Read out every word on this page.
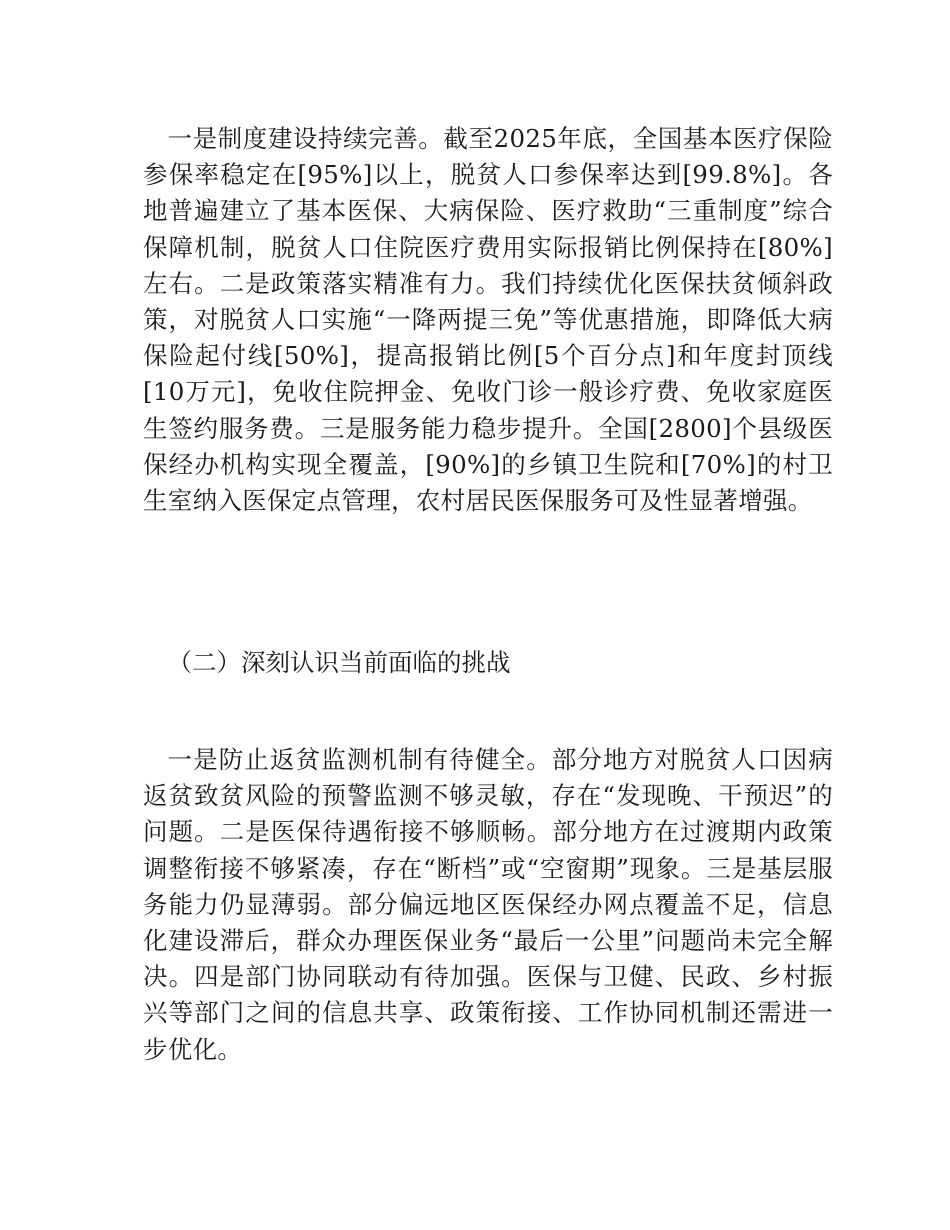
一是制度建设持续完善。截至2025年底，全国基本医疗保险参保率稳定在[95%]以上，脱贫人口参保率达到[99.8%]。各地普遍建立了基本医保、大病保险、医疗救助“三重制度”综合保障机制，脱贫人口住院医疗费用实际报销比例保持在[80%]左右。二是政策落实精准有力。我们持续优化医保扶贫倾斜政策，对脱贫人口实施“一降两提三免”等优惠措施，即降低大病保险起付线[50%]，提高报销比例[5个百分点]和年度封顶线[10万元]，免收住院押金、免收门诊一般诊疗费、免收家庭医生签约服务费。三是服务能力稳步提升。全国[2800]个县级医保经办机构实现全覆盖，[90%]的乡镇卫生院和[70%]的村卫生室纳入医保定点管理，农村居民医保服务可及性显著增强。

（二）深刻认识当前面临的挑战

一是防止返贫监测机制有待健全。部分地方对脱贫人口因病返贫致贫风险的预警监测不够灵敏，存在“发现晚、干预迟”的问题。二是医保待遇衔接不够顺畅。部分地方在过渡期内政策调整衔接不够紧凑，存在“断档”或“空窗期”现象。三是基层服务能力仍显薄弱。部分偏远地区医保经办网点覆盖不足，信息化建设滞后，群众办理医保业务“最后一公里”问题尚未完全解决。四是部门协同联动有待加强。医保与卫健、民政、乡村振兴等部门之间的信息共享、政策衔接、工作协同机制还需进一步优化。
